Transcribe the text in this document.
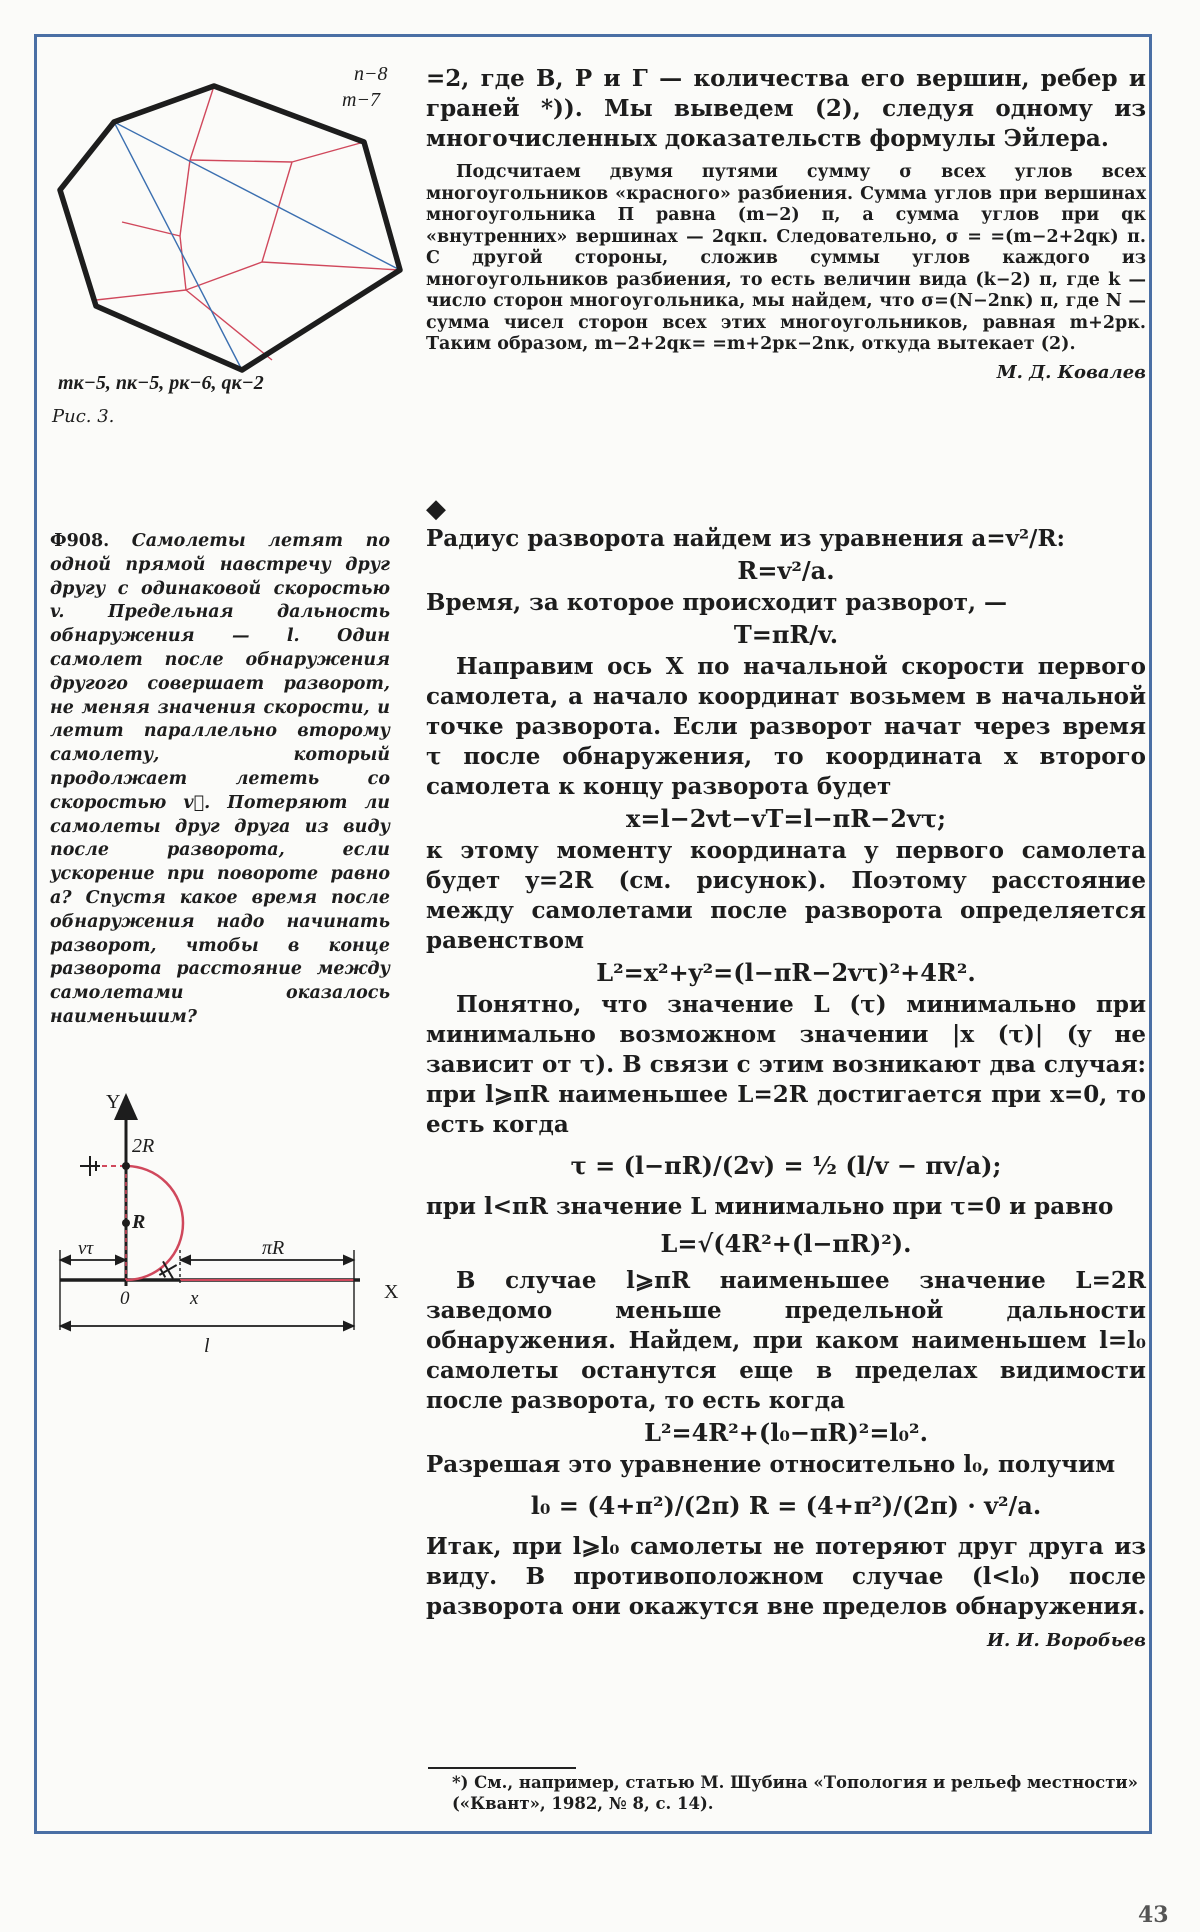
n−8
m−7
mк−5, nк−5, pк−6, qк−2
Рис. 3.

=2, где В, Р и Г — количества его вершин, ребер и граней *)). Мы выведем (2), следуя одному из многочисленных доказательств формулы Эйлера.

Подсчитаем двумя путями сумму σ всех углов всех многоугольников «красного» разбиения. Сумма углов при вершинах многоугольника П равна (m−2) π, а сумма углов при qк «внутренних» вершинах — 2qкπ. Следовательно, σ = =(m−2+2qк) π. С другой стороны, сложив суммы углов каждого из многоугольников разбиения, то есть величин вида (k−2) π, где k — число сторон многоугольника, мы найдем, что σ=(N−2nк) π, где N — сумма чисел сторон всех этих многоугольников, равная m+2pк. Таким образом, m−2+2qк= =m+2pк−2nк, откуда вытекает (2).

М. Д. Ковалев

Ф908. Самолеты летят по одной прямой навстречу друг другу с одинаковой скоростью v. Предельная дальность обнаружения — l. Один самолет после обнаружения другого совершает разворот, не меняя значения скорости, и летит параллельно второму самолету, который продолжает лететь со скоростью v⃗. Потеряют ли самолеты друг друга из виду после разворота, если ускорение при повороте равно a? Спустя какое время после обнаружения надо начинать разворот, чтобы в конце разворота расстояние между самолетами оказалось наименьшим?

Y
X
2R
R
vτ	πR
0	x
l

◆

Радиус разворота найдем из уравнения a=v²/R:

R=v²/a.

Время, за которое происходит разворот, —

T=πR/v.

Направим ось X по начальной скорости первого самолета, а начало координат возьмем в начальной точке разворота. Если разворот начат через время τ после обнаружения, то координата x второго самолета к концу разворота будет

x=l−2vt−vT=l−πR−2vτ;

к этому моменту координата y первого самолета будет y=2R (см. рисунок). Поэтому расстояние между самолетами после разворота определяется равенством

L²=x²+y²=(l−πR−2vτ)²+4R².

Понятно, что значение L (τ) минимально при минимально возможном значении |x (τ)| (y не зависит от τ). В связи с этим возникают два случая: при l⩾πR наименьшее L=2R достигается при x=0, то есть когда

τ = (l−πR)/(2v) = ½ (l/v − πv/a);

при l<πR значение L минимально при τ=0 и равно

L=√(4R²+(l−πR)²).

В случае l⩾πR наименьшее значение L=2R заведомо меньше предельной дальности обнаружения. Найдем, при каком наименьшем l=l₀ самолеты останутся еще в пределах видимости после разворота, то есть когда

L²=4R²+(l₀−πR)²=l₀².

Разрешая это уравнение относительно l₀, получим

l₀ = (4+π²)/(2π) R = (4+π²)/(2π) · v²/a.

Итак, при l⩾l₀ самолеты не потеряют друг друга из виду. В противоположном случае (l<l₀) после разворота они окажутся вне пределов обнаружения.

И. И. Воробьев

*) См., например, статью М. Шубина «Топология и рельеф местности» («Квант», 1982, № 8, с. 14).

43
